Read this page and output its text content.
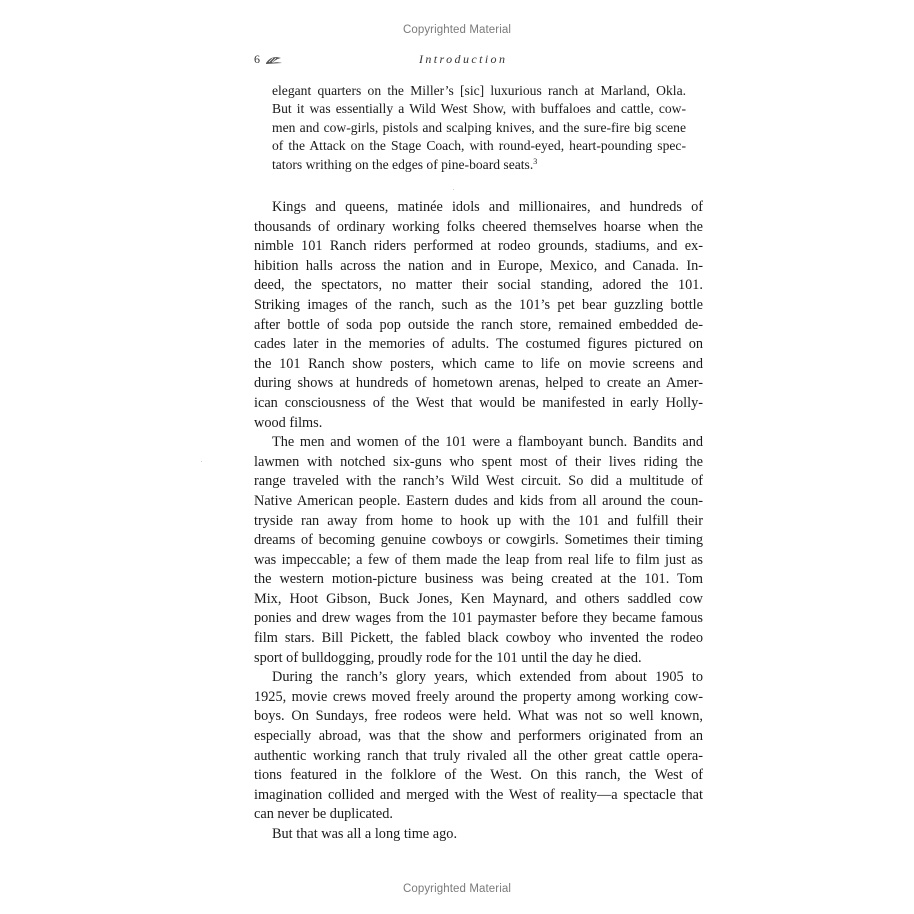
Copyrighted Material
6	Introduction
elegant quarters on the Miller’s [sic] luxurious ranch at Marland, Okla.
But it was essentially a Wild West Show, with buffaloes and cattle, cow-
men and cow-girls, pistols and scalping knives, and the sure-fire big scene
of the Attack on the Stage Coach, with round-eyed, heart-pounding spec-
tators writhing on the edges of pine-board seats.$^3$
Kings and queens, matinée idols and millionaires, and hundreds of
thousands of ordinary working folks cheered themselves hoarse when the
nimble 101 Ranch riders performed at rodeo grounds, stadiums, and ex-
hibition halls across the nation and in Europe, Mexico, and Canada. In-
deed, the spectators, no matter their social standing, adored the 101.
Striking images of the ranch, such as the 101’s pet bear guzzling bottle
after bottle of soda pop outside the ranch store, remained embedded de-
cades later in the memories of adults. The costumed figures pictured on
the 101 Ranch show posters, which came to life on movie screens and
during shows at hundreds of hometown arenas, helped to create an Amer-
ican consciousness of the West that would be manifested in early Holly-
wood films.
The men and women of the 101 were a flamboyant bunch. Bandits and
lawmen with notched six-guns who spent most of their lives riding the
range traveled with the ranch’s Wild West circuit. So did a multitude of
Native American people. Eastern dudes and kids from all around the coun-
tryside ran away from home to hook up with the 101 and fulfill their
dreams of becoming genuine cowboys or cowgirls. Sometimes their timing
was impeccable; a few of them made the leap from real life to film just as
the western motion-picture business was being created at the 101. Tom
Mix, Hoot Gibson, Buck Jones, Ken Maynard, and others saddled cow
ponies and drew wages from the 101 paymaster before they became famous
film stars. Bill Pickett, the fabled black cowboy who invented the rodeo
sport of bulldogging, proudly rode for the 101 until the day he died.
During the ranch’s glory years, which extended from about 1905 to
1925, movie crews moved freely around the property among working cow-
boys. On Sundays, free rodeos were held. What was not so well known,
especially abroad, was that the show and performers originated from an
authentic working ranch that truly rivaled all the other great cattle opera-
tions featured in the folklore of the West. On this ranch, the West of
imagination collided and merged with the West of reality—a spectacle that
can never be duplicated.
But that was all a long time ago.
Copyrighted Material
